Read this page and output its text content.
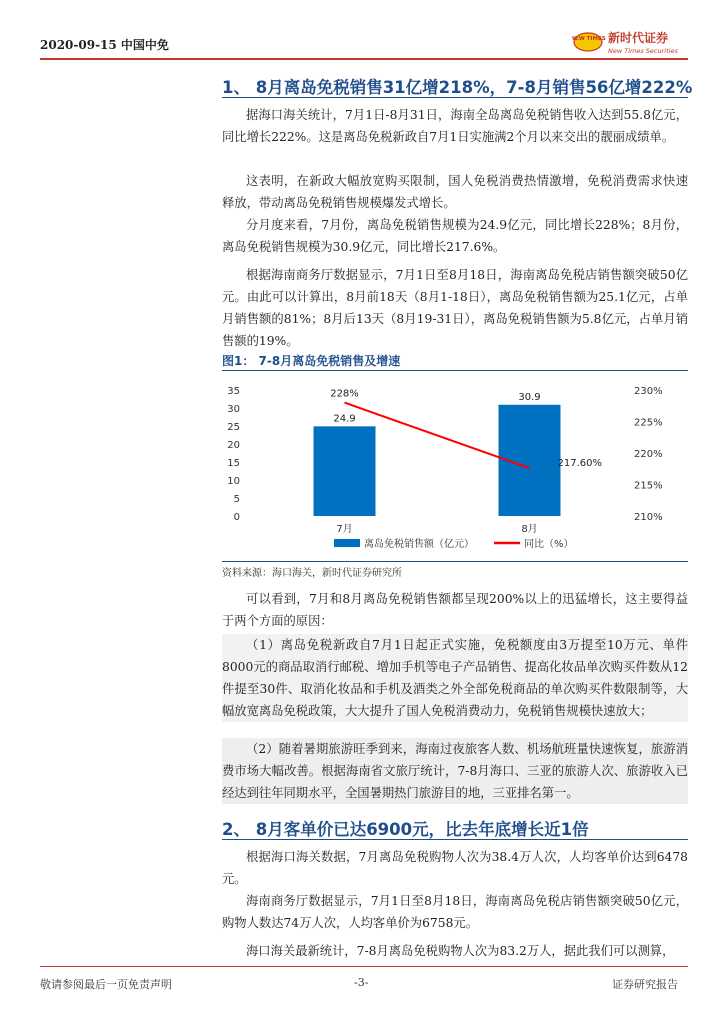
2020-09-15 中国中免	NEW TIMES 新时代证券
New Times Securities
1、 8月离岛免税销售31亿增218%，7-8月销售56亿增222%

据海口海关统计，7月1日-8月31日，海南全岛离岛免税销售收入达到55.8亿元，同比增长222%。这是离岛免税新政自7月1日实施满2个月以来交出的靓丽成绩单。

这表明，在新政大幅放宽购买限制，国人免税消费热情激增，免税消费需求快速释放，带动离岛免税销售规模爆发式增长。

分月度来看，7月份，离岛免税销售规模为24.9亿元，同比增长228%；8月份，离岛免税销售规模为30.9亿元，同比增长217.6%。

根据海南商务厅数据显示，7月1日至8月18日，海南离岛免税店销售额突破50亿元。由此可以计算出，8月前18天（8月1-18日），离岛免税销售额为25.1亿元，占单月销售额的81%；8月后13天（8月19-31日），离岛免税销售额为5.8亿元，占单月销售额的19%。

图1： 7-8月离岛免税销售及增速
0
5
10
15
20
25
30
35
210%
215%
220%
225%
230%
24.9
30.9
228%
217.60%
7月	8月
离岛免税销售额（亿元）	同比（%）
资料来源：海口海关，新时代证券研究所

可以看到，7月和8月离岛免税销售额都呈现200%以上的迅猛增长，这主要得益于两个方面的原因：

（1）离岛免税新政自7月1日起正式实施，免税额度由3万提至10万元、单件8000元的商品取消行邮税、增加手机等电子产品销售、提高化妆品单次购买件数从12件提至30件、取消化妆品和手机及酒类之外全部免税商品的单次购买件数限制等，大幅放宽离岛免税政策，大大提升了国人免税消费动力，免税销售规模快速放大；

（2）随着暑期旅游旺季到来，海南过夜旅客人数、机场航班量快速恢复，旅游消费市场大幅改善。根据海南省文旅厅统计，7-8月海口、三亚的旅游人次、旅游收入已经达到往年同期水平，全国暑期热门旅游目的地，三亚排名第一。

2、 8月客单价已达6900元，比去年底增长近1倍

根据海口海关数据，7月离岛免税购物人次为38.4万人次，人均客单价达到6478元。

海南商务厅数据显示，7月1日至8月18日，海南离岛免税店销售额突破50亿元，购物人数达74万人次，人均客单价为6758元。

海口海关最新统计，7-8月离岛免税购物人次为83.2万人，据此我们可以测算，

敬请参阅最后一页免责声明	-3-	证券研究报告
